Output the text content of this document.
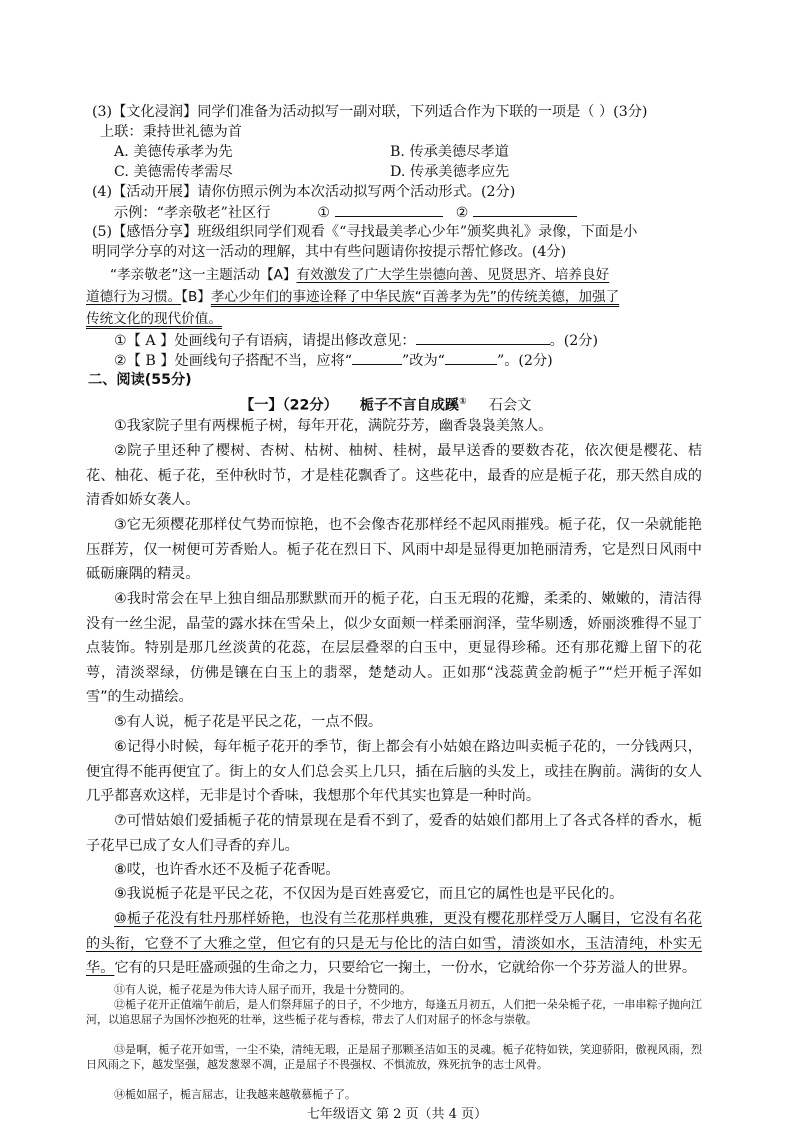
(3)【文化浸润】同学们准备为活动拟写一副对联，下列适合作为下联的一项是（ ）(3分)
上联：秉持世礼德为首
A. 美德传承孝为先	B. 传承美德尽孝道
C. 美德需传孝需尽	D. 传承美德孝应先
(4)【活动开展】请你仿照示例为本次活动拟写两个活动形式。(2分)
示例：“孝亲敬老”社区行	①	②
(5)【感悟分享】班级组织同学们观看《“寻找最美孝心少年”颁奖典礼》录像，下面是小
明同学分享的对这一活动的理解，其中有些问题请你按提示帮忙修改。(4分)
“孝亲敬老”这一主题活动【A】有效激发了广大学生崇德向善、见贤思齐、培养良好
道德行为习惯。【B】孝心少年们的事迹诠释了中华民族“百善孝为先”的传统美德，加强了
传统文化的现代价值。
①【 A 】处画线句子有语病，请提出修改意见：	。(2分)
②【 B 】处画线句子搭配不当，应将“	”改为“	”。(2分)
二、阅读(55分)
【一】（22分） 栀子不言自成蹊① 石会文
①我家院子里有两棵栀子树，每年开花，满院芬芳，幽香袅袅美煞人。
②院子里还种了樱树、杏树、枯树、柚树、桂树，最早送香的要数杏花，依次便是樱花、桔花、柚花、栀子花，至仲秋时节，才是桂花飘香了。这些花中，最香的应是栀子花，那天然自成的清香如娇女袭人。
③它无须樱花那样仗气势而惊艳，也不会像杏花那样经不起风雨摧残。栀子花，仅一朵就能艳压群芳，仅一树便可芳香贻人。栀子花在烈日下、风雨中却是显得更加艳丽清秀，它是烈日风雨中砥砺廉隅的精灵。
④我时常会在早上独自细品那默默而开的栀子花，白玉无瑕的花瓣，柔柔的、嫩嫩的，清洁得没有一丝尘泥，晶莹的露水抹在雪朵上，似少女面颊一样柔丽润泽，莹华剔透，娇丽淡雅得不显丁点装饰。特别是那几丝淡黄的花蕊，在层层叠翠的白玉中，更显得珍稀。还有那花瓣上留下的花萼，清淡翠绿，仿佛是镶在白玉上的翡翠，楚楚动人。正如那“浅蕊黄金韵栀子”“烂开栀子浑如雪”的生动描绘。
⑤有人说，栀子花是平民之花，一点不假。
⑥记得小时候，每年栀子花开的季节，街上都会有小姑娘在路边叫卖栀子花的，一分钱两只，便宜得不能再便宜了。街上的女人们总会买上几只，插在后脑的头发上，或挂在胸前。满街的女人几乎都喜欢这样，无非是讨个香味，我想那个年代其实也算是一种时尚。
⑦可惜姑娘们爱插栀子花的情景现在是看不到了，爱香的姑娘们都用上了各式各样的香水，栀子花早已成了女人们寻香的弃儿。
⑧哎，也许香水还不及栀子花香呢。
⑨我说栀子花是平民之花，不仅因为是百姓喜爱它，而且它的属性也是平民化的。
⑩栀子花没有牡丹那样娇艳，也没有兰花那样典雅，更没有樱花那样受万人瞩目，它没有名花的头衔，它登不了大雅之堂，但它有的只是无与伦比的洁白如雪，清淡如水，玉洁清纯，朴实无华。它有的只是旺盛顽强的生命之力，只要给它一掬土，一份水，它就给你一个芬芳溢人的世界。
⑪有人说，栀子花是为伟大诗人屈子而开，我是十分赞同的。
七年级语文 第 2 页（共 4 页）
⑫栀子花开正值端午前后，是人们祭拜屈子的日子，不少地方，每逢五月初五，人们把一朵朵栀子花，一串串粽子抛向江河，以追思屈子为国怀沙抱死的壮举，这些栀子花与香棕，带去了人们对屈子的怀念与崇敬。
⑬是啊，栀子花开如雪，一尘不染，清纯无瑕，正是屈子那颗圣洁如玉的灵魂。栀子花特如铁，笑迎骄阳，傲视风雨，烈日风雨之下，越发坚强，越发葱翠不凋，正是屈子不畏强权、不惧流放，殊死抗争的志士风骨。
⑭栀如屈子，栀言屈志，让我越来越敬慕栀子了。
